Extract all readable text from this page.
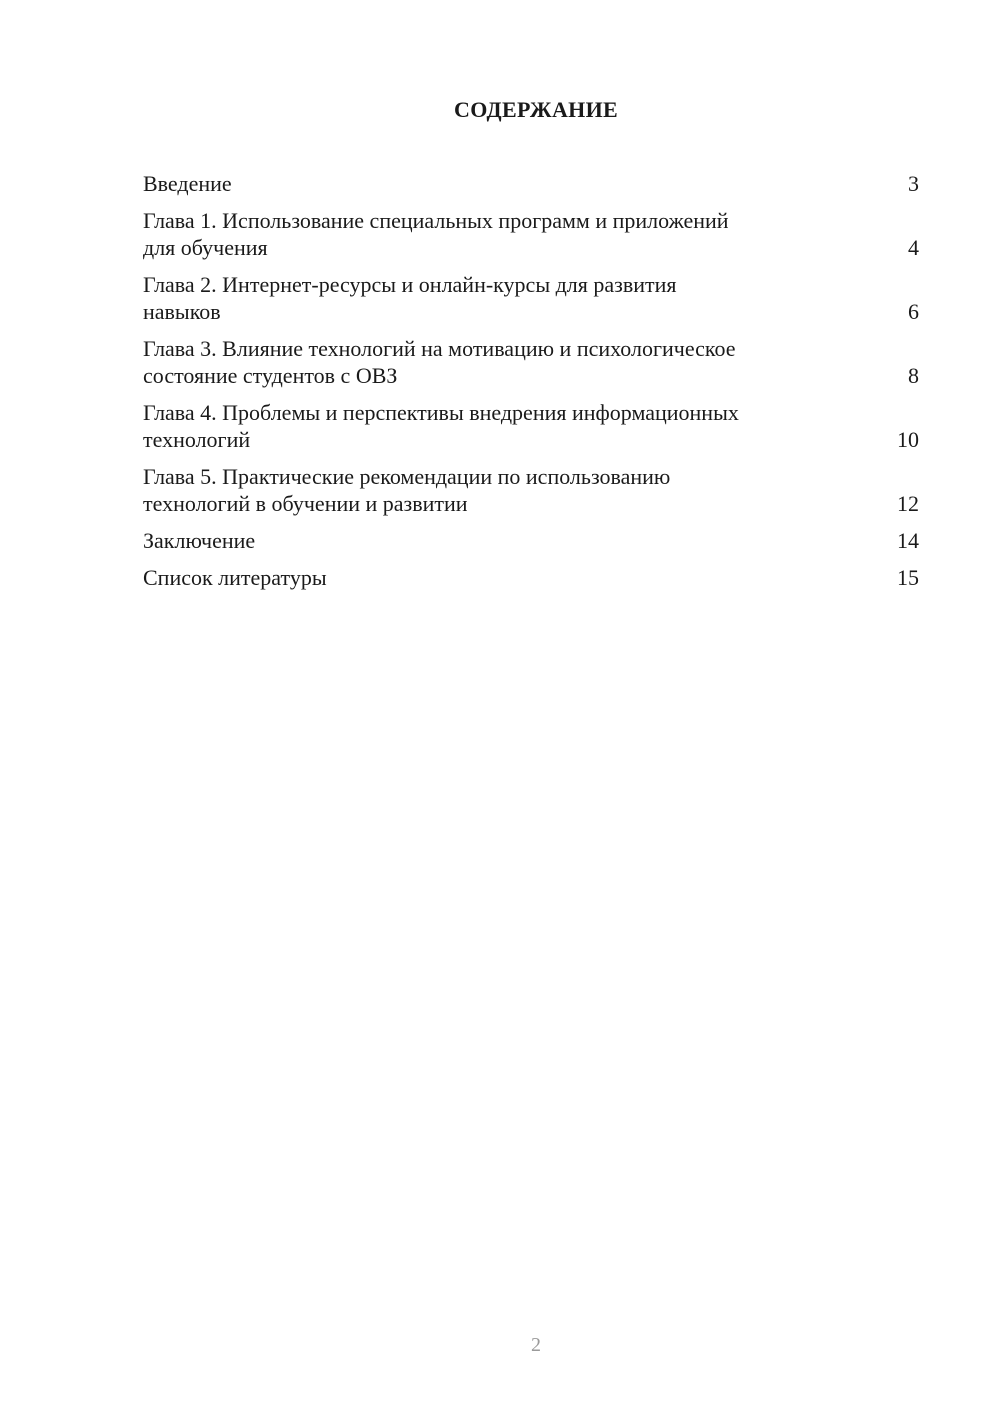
СОДЕРЖАНИЕ
Введение	3
Глава 1. Использование специальных программ и приложений
для обучения	4
Глава 2. Интернет-ресурсы и онлайн-курсы для развития
навыков	6
Глава 3. Влияние технологий на мотивацию и психологическое
состояние студентов с ОВЗ	8
Глава 4. Проблемы и перспективы внедрения информационных
технологий	10
Глава 5. Практические рекомендации по использованию
технологий в обучении и развитии	12
Заключение	14
Список литературы	15
2
